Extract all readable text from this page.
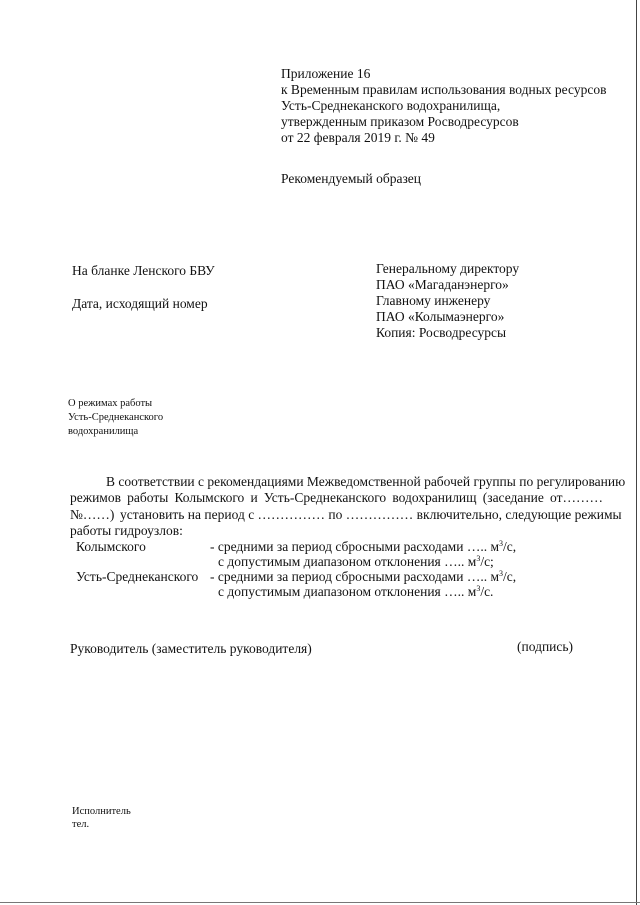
Приложение 16
к Временным правилам использования водных ресурсов
Усть-Среднеканского водохранилища,
утвержденным приказом Росводресурсов
от 22 февраля 2019 г. № 49
Рекомендуемый образец
На бланке Ленского БВУ
Дата, исходящий номер
Генеральному директору
ПАО «Магаданэнерго»
Главному инженеру
ПАО «Колымаэнерго»
Копия: Росводресурсы
О режимах работы
Усть-Среднеканского
водохранилища
В соответствии с рекомендациями Межведомственной рабочей группы по регулированию
режимов работы Колымского и Усть-Среднеканского водохранилищ (заседание от………
№……) установить на период с …………… по …………… включительно, следующие режимы
работы гидроузлов:
Колымского	- средними за период сбросными расходами ….. $м^3/с$,
с допустимым диапазоном отклонения ….. $м^3/с$;
Усть-Среднеканского - средними за период сбросными расходами ….. $м^3/с$,
с допустимым диапазоном отклонения ….. $м^3/с$.
Руководитель (заместитель руководителя)	(подпись)
Исполнитель
тел.
